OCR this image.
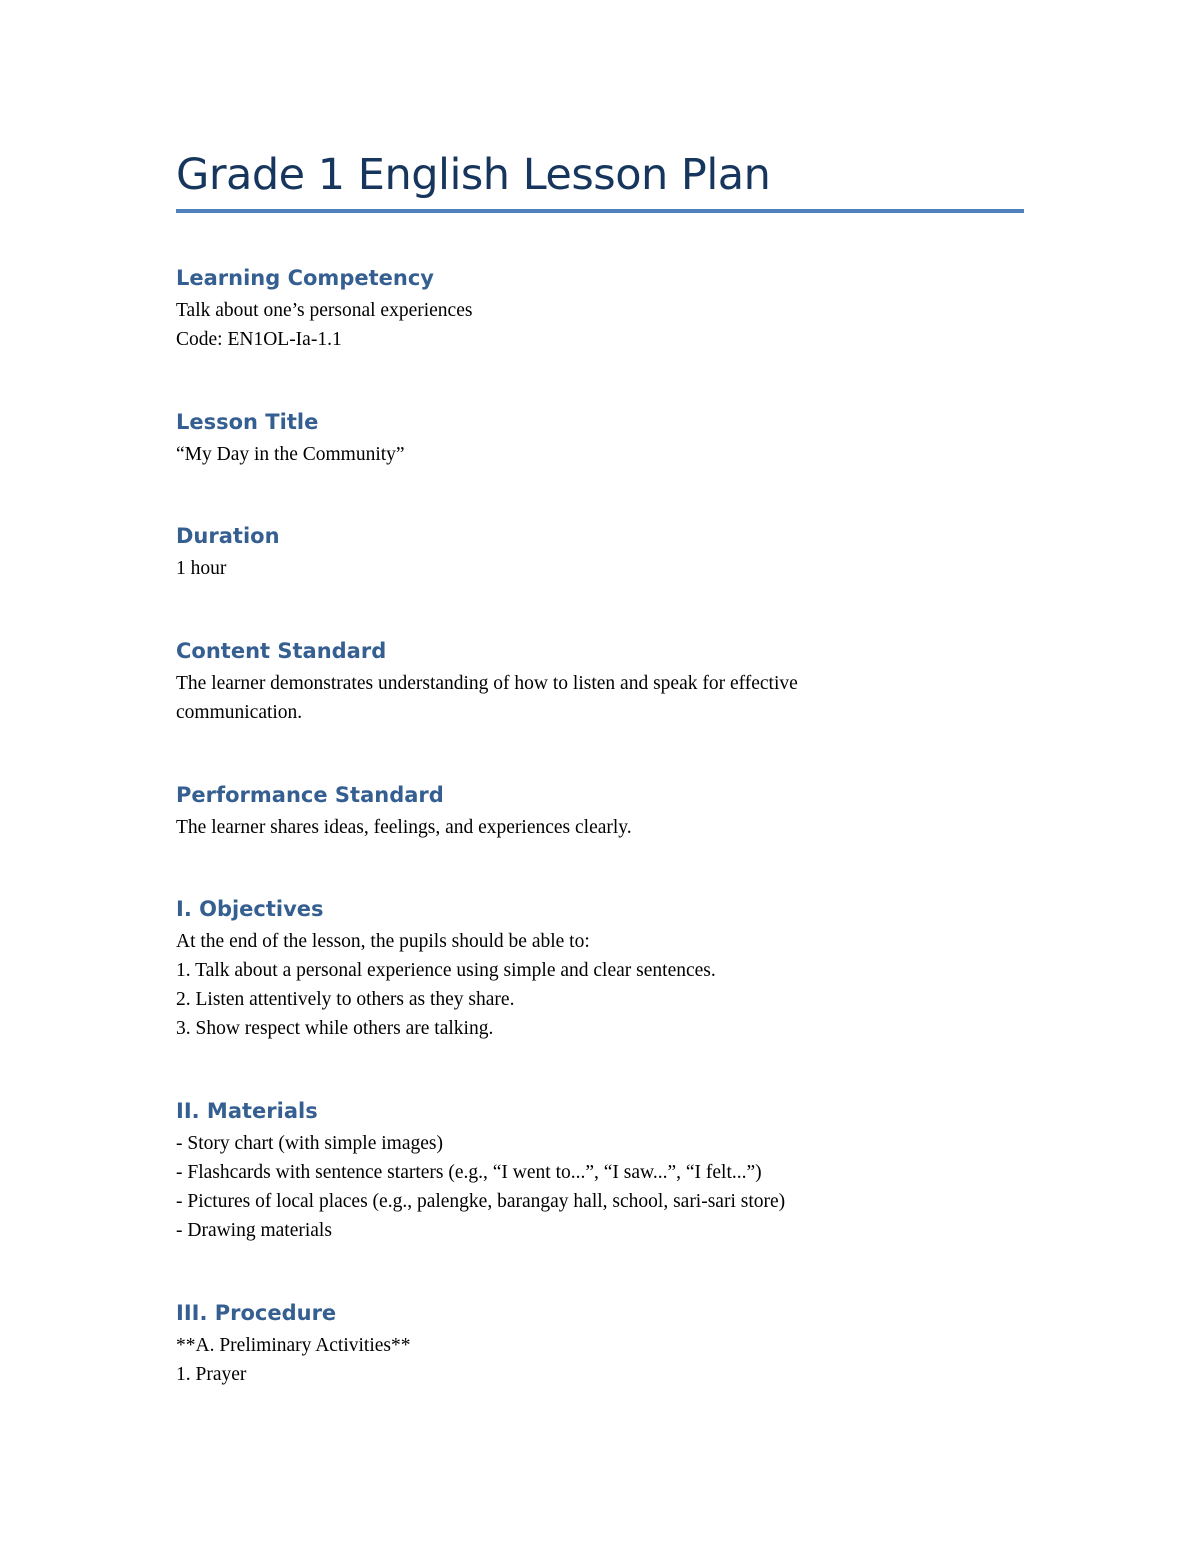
Grade 1 English Lesson Plan
Learning Competency

Talk about one’s personal experiences

Code: EN1OL-Ia-1.1

Lesson Title

“My Day in the Community”

Duration

1 hour

Content Standard

The learner demonstrates understanding of how to listen and speak for effective

communication.

Performance Standard

The learner shares ideas, feelings, and experiences clearly.

I. Objectives

At the end of the lesson, the pupils should be able to:

1. Talk about a personal experience using simple and clear sentences.

2. Listen attentively to others as they share.

3. Show respect while others are talking.

II. Materials

- Story chart (with simple images)

- Flashcards with sentence starters (e.g., “I went to...”, “I saw...”, “I felt...”)

- Pictures of local places (e.g., palengke, barangay hall, school, sari-sari store)

- Drawing materials

III. Procedure

**A. Preliminary Activities**

1. Prayer
